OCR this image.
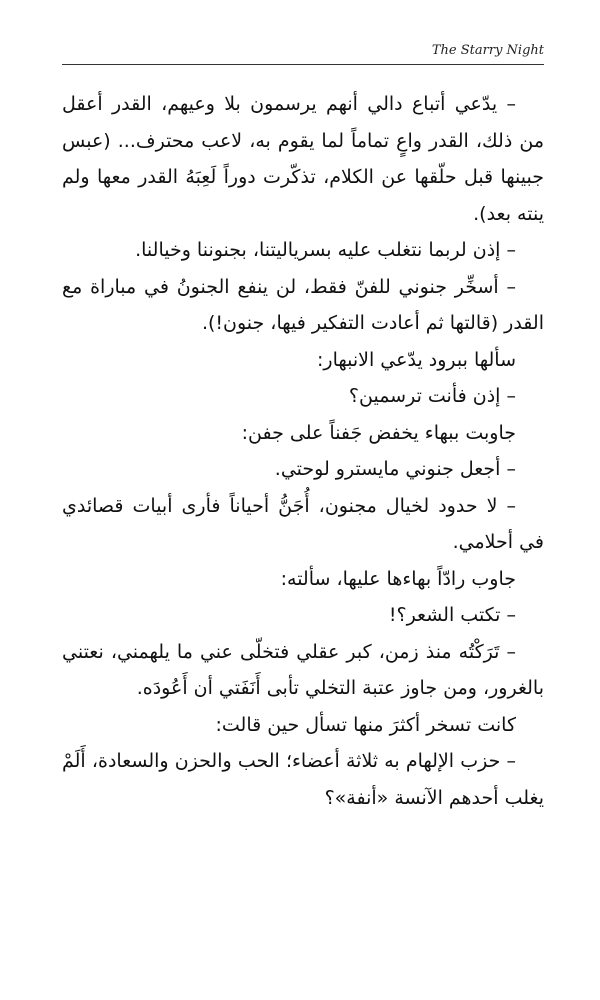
The Starry Night

– يدّعي أتباع دالي أنهم يرسمون بلا وعيهم، القدر أعقل من ذلك، القدر واعٍ تماماً لما يقوم به، لاعب محترف... (عبس جبينها قبل حلّقها عن الكلام، تذكّرت دوراً لَعِبَهُ القدر معها ولم ينته بعد).

– إذن لربما نتغلب عليه بسرياليتنا، بجنوننا وخيالنا.

– أسخِّر جنوني للفنّ فقط، لن ينفع الجنونُ في مباراة مع القدر (قالتها ثم أعادت التفكير فيها، جنون!).

سألها ببرود يدّعي الانبهار:

– إذن فأنت ترسمين؟

جاوبت ببهاء يخفض جَفناً على جفن:

– أجعل جنوني مايسترو لوحتي.

– لا حدود لخيال مجنون، أُجَنُّ أحياناً فأرى أبيات قصائدي في أحلامي.

جاوب رادّاً بهاءها عليها، سألته:

– تكتب الشعر؟!

– تَرَكْتُه منذ زمن، كبر عقلي فتخلّى عني ما يلهمني، نعتني بالغرور، ومن جاوز عتبة التخلي تأبى أَنَفَتي أن أَعُودَه.

كانت تسخر أكثرَ منها تسأل حين قالت:

– حزب الإلهام به ثلاثة أعضاء؛ الحب والحزن والسعادة، أَلَمْ يغلب أحدهم الآنسة «أنفة»؟
